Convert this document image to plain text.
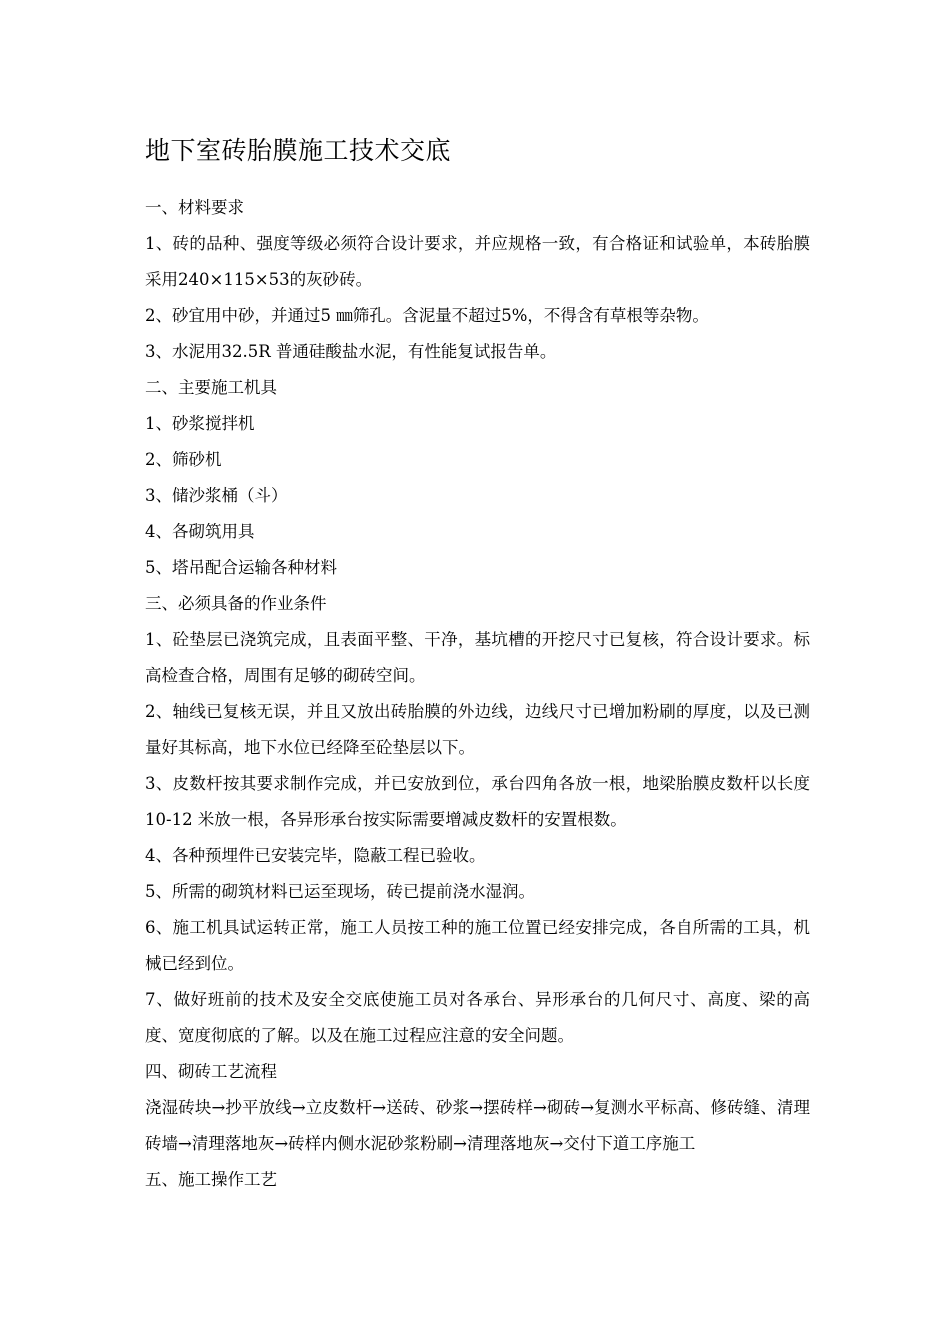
地下室砖胎膜施工技术交底

一、材料要求

1、砖的品种、强度等级必须符合设计要求，并应规格一致，有合格证和试验单，本砖胎膜采用240×115×53的灰砂砖。

2、砂宜用中砂，并通过5 ㎜筛孔。含泥量不超过5%，不得含有草根等杂物。

3、水泥用32.5R 普通硅酸盐水泥，有性能复试报告单。

二、主要施工机具

1、砂浆搅拌机

2、筛砂机

3、储沙浆桶（斗）

4、各砌筑用具

5、塔吊配合运输各种材料

三、必须具备的作业条件

1、砼垫层已浇筑完成，且表面平整、干净，基坑槽的开挖尺寸已复核，符合设计要求。标高检查合格，周围有足够的砌砖空间。

2、轴线已复核无误，并且又放出砖胎膜的外边线，边线尺寸已增加粉刷的厚度，以及已测量好其标高，地下水位已经降至砼垫层以下。

3、皮数杆按其要求制作完成，并已安放到位，承台四角各放一根，地梁胎膜皮数杆以长度10-12 米放一根，各异形承台按实际需要增减皮数杆的安置根数。

4、各种预埋件已安装完毕，隐蔽工程已验收。

5、所需的砌筑材料已运至现场，砖已提前浇水湿润。

6、施工机具试运转正常，施工人员按工种的施工位置已经安排完成，各自所需的工具，机械已经到位。

7、做好班前的技术及安全交底使施工员对各承台、异形承台的几何尺寸、高度、梁的高度、宽度彻底的了解。以及在施工过程应注意的安全问题。

四、砌砖工艺流程

浇湿砖块→抄平放线→立皮数杆→送砖、砂浆→摆砖样→砌砖→复测水平标高、修砖缝、清理砖墙→清理落地灰→砖样内侧水泥砂浆粉刷→清理落地灰→交付下道工序施工

五、施工操作工艺
